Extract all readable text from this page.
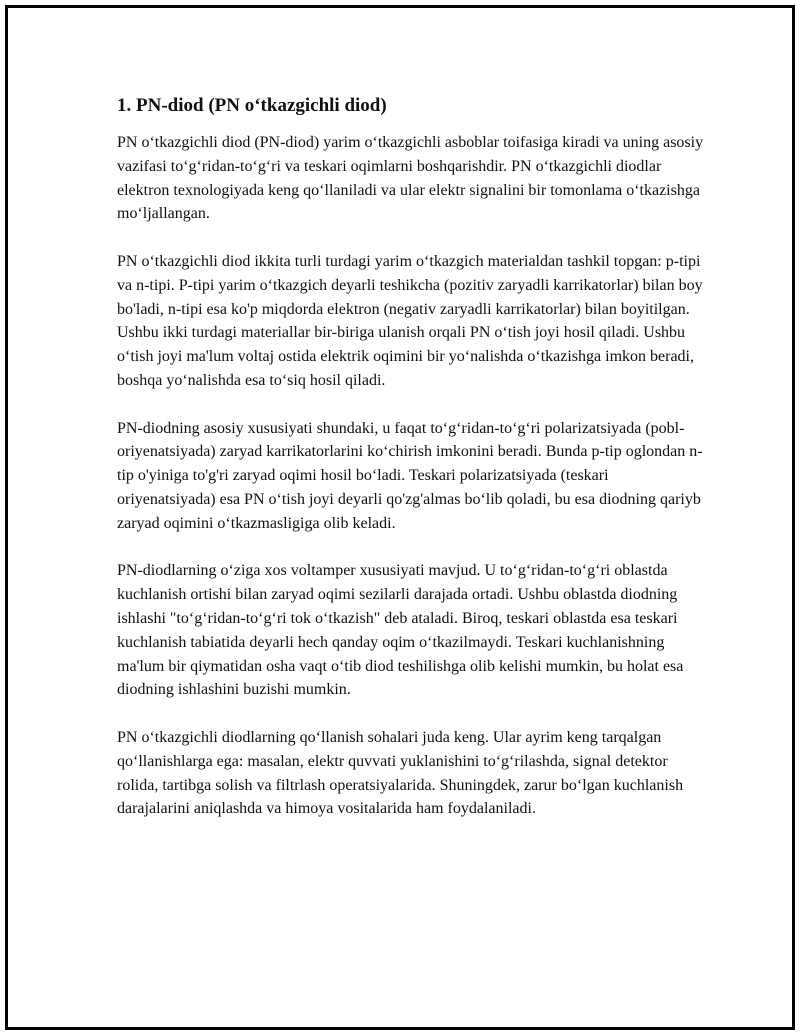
1. PN-diod (PN oʻtkazgichli diod)

PN oʻtkazgichli diod (PN-diod) yarim oʻtkazgichli asboblar toifasiga kiradi va uning asosiy vazifasi toʻgʻridan-toʻgʻri va teskari oqimlarni boshqarishdir. PN oʻtkazgichli diodlar elektron texnologiyada keng qoʻllaniladi va ular elektr signalini bir tomonlama oʻtkazishga moʻljallangan.

PN oʻtkazgichli diod ikkita turli turdagi yarim oʻtkazgich materialdan tashkil topgan: p-tipi va n-tipi. P-tipi yarim oʻtkazgich deyarli teshikcha (pozitiv zaryadli karrikatorlar) bilan boy bo'ladi, n-tipi esa ko'p miqdorda elektron (negativ zaryadli karrikatorlar) bilan boyitilgan. Ushbu ikki turdagi materiallar bir-biriga ulanish orqali PN oʻtish joyi hosil qiladi. Ushbu oʻtish joyi ma'lum voltaj ostida elektrik oqimini bir yoʻnalishda oʻtkazishga imkon beradi, boshqa yoʻnalishda esa toʻsiq hosil qiladi.

PN-diodning asosiy xususiyati shundaki, u faqat toʻgʻridan-toʻgʻri polarizatsiyada (pobl-oriyenatsiyada) zaryad karrikatorlarini koʻchirish imkonini beradi. Bunda p-tip oglondan n-tip o'yiniga to'g'ri zaryad oqimi hosil boʻladi. Teskari polarizatsiyada (teskari oriyenatsiyada) esa PN oʻtish joyi deyarli qo'zg'almas boʻlib qoladi, bu esa diodning qariyb zaryad oqimini oʻtkazmasligiga olib keladi.

PN-diodlarning oʻziga xos voltamper xususiyati mavjud. U toʻgʻridan-toʻgʻri oblastda kuchlanish ortishi bilan zaryad oqimi sezilarli darajada ortadi. Ushbu oblastda diodning ishlashi "toʻgʻridan-toʻgʻri tok oʻtkazish" deb ataladi. Biroq, teskari oblastda esa teskari kuchlanish tabiatida deyarli hech qanday oqim oʻtkazilmaydi. Teskari kuchlanishning ma'lum bir qiymatidan osha vaqt oʻtib diod teshilishga olib kelishi mumkin, bu holat esa diodning ishlashini buzishi mumkin.

PN oʻtkazgichli diodlarning qoʻllanish sohalari juda keng. Ular ayrim keng tarqalgan qoʻllanishlarga ega: masalan, elektr quvvati yuklanishini toʻgʻrilashda, signal detektor rolida, tartibga solish va filtrlash operatsiyalarida. Shuningdek, zarur boʻlgan kuchlanish darajalarini aniqlashda va himoya vositalarida ham foydalaniladi.
